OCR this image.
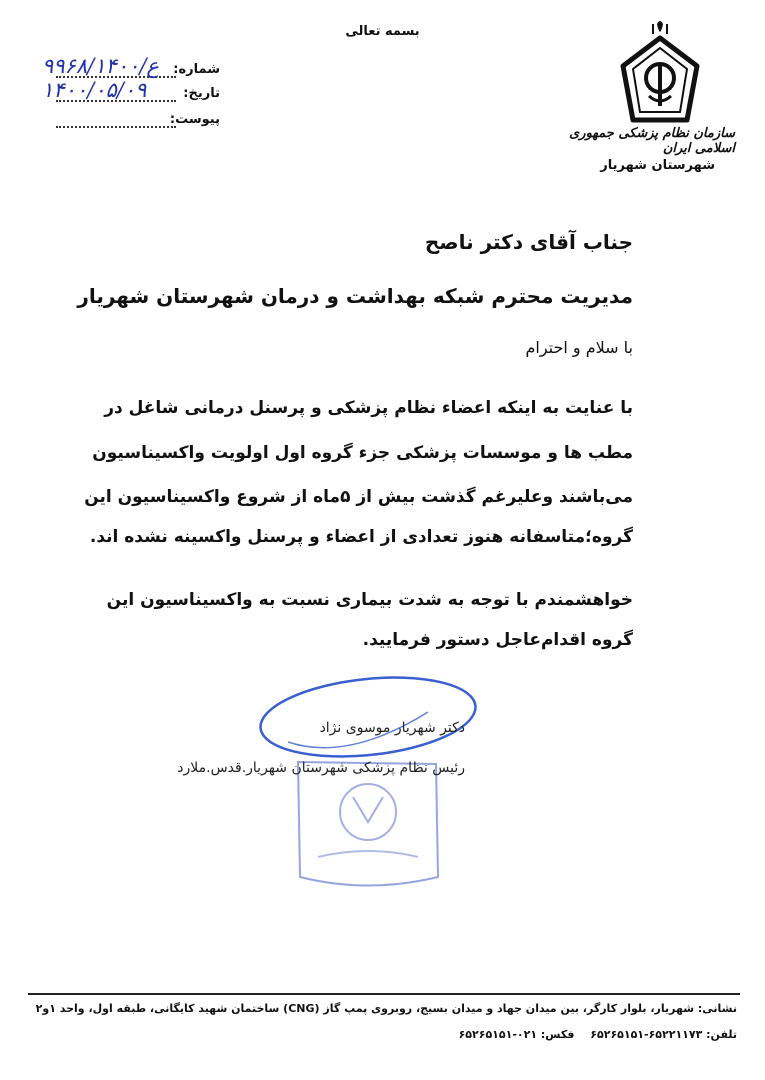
بسمه تعالی
سازمان نظام پزشکی جمهوری اسلامی ایران
شهرستان شهریار
شماره:
۹۹۶۸/ع/۱۴۰۰
تاریخ:
۱۴۰۰/۰۵/۰۹
پیوست:
جناب آقای دکتر ناصح
مدیریت محترم شبکه بهداشت و درمان شهرستان شهریار
با سلام و احترام
با عنایت به اینکه اعضاء نظام پزشکی و پرسنل درمانی شاغل در
مطب ها و موسسات پزشکی جزء گروه اول اولویت واکسیناسیون
می‌باشند وعلیرغم گذشت بیش از ۵ماه از شروع واکسیناسیون این
گروه؛متاسفانه هنوز تعدادی از اعضاء و پرسنل واکسینه نشده اند.
خواهشمندم با توجه به شدت بیماری نسبت به واکسیناسیون این
گروه اقدام‌عاجل دستور فرمایید.
دکتر شهریار موسوی نژاد
رئیس نظام پزشکی شهرستان شهریار.قدس.ملارد
نشانی: شهریار، بلوار کارگر، بین میدان جهاد و میدان بسیج، روبروی پمپ گاز (CNG) ساختمان شهید کایگانی، طبقه اول، واحد ۱و۲
تلفن: ۶۵۲۲۱۱۷۳-۶۵۲۶۵۱۵۱ فکس: ۰۲۱-۶۵۲۶۵۱۵۱
